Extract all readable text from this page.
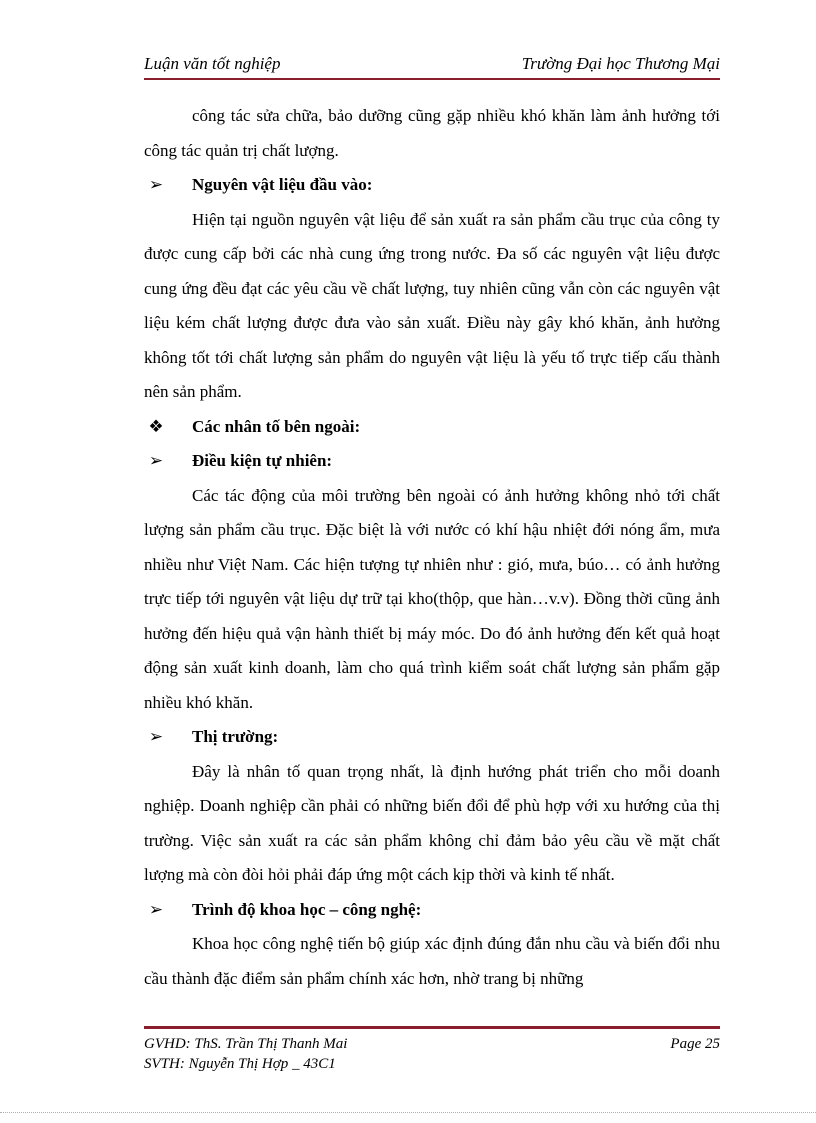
Luận văn tốt nghiệp	Trường Đại học Thương Mại

công tác sửa chữa, bảo dưỡng cũng gặp nhiều khó khăn làm ảnh hưởng tới công tác quản trị chất lượng.

➢ Nguyên vật liệu đầu vào:

Hiện tại nguồn nguyên vật liệu để sản xuất ra sản phẩm cầu trục của công ty được cung cấp bởi các nhà cung ứng trong nước. Đa số các nguyên vật liệu được cung ứng đều đạt các yêu cầu về chất lượng, tuy nhiên cũng vẫn còn các nguyên vật liệu kém chất lượng được đưa vào sản xuất. Điều này gây khó khăn, ảnh hưởng không tốt tới chất lượng sản phẩm do nguyên vật liệu là yếu tố trực tiếp cấu thành nên sản phẩm.

❖ Các nhân tố bên ngoài:
➢ Điều kiện tự nhiên:

Các tác động của môi trường bên ngoài có ảnh hưởng không nhỏ tới chất lượng sản phẩm cầu trục. Đặc biệt là với nước có khí hậu nhiệt đới nóng ẩm, mưa nhiều như Việt Nam. Các hiện tượng tự nhiên như : gió, mưa, búo… có ảnh hưởng trực tiếp tới nguyên vật liệu dự trữ tại kho(thộp, que hàn…v.v). Đồng thời cũng ảnh hưởng đến hiệu quả vận hành thiết bị máy móc. Do đó ảnh hưởng đến kết quả hoạt động sản xuất kinh doanh, làm cho quá trình kiểm soát chất lượng sản phẩm gặp nhiều khó khăn.

➢ Thị trường:

Đây là nhân tố quan trọng nhất, là định hướng phát triển cho mỗi doanh nghiệp. Doanh nghiệp cần phải có những biến đổi để phù hợp với xu hướng của thị trường. Việc sản xuất ra các sản phẩm không chỉ đảm bảo yêu cầu về mặt chất lượng mà còn đòi hỏi phải đáp ứng một cách kịp thời và kinh tế nhất.

➢ Trình độ khoa học – công nghệ:

Khoa học công nghệ tiến bộ giúp xác định đúng đắn nhu cầu và biến đổi nhu cầu thành đặc điểm sản phẩm chính xác hơn, nhờ trang bị những

GVHD: ThS. Trần Thị Thanh Mai
SVTH: Nguyễn Thị Hợp _ 43C1
Page 25
